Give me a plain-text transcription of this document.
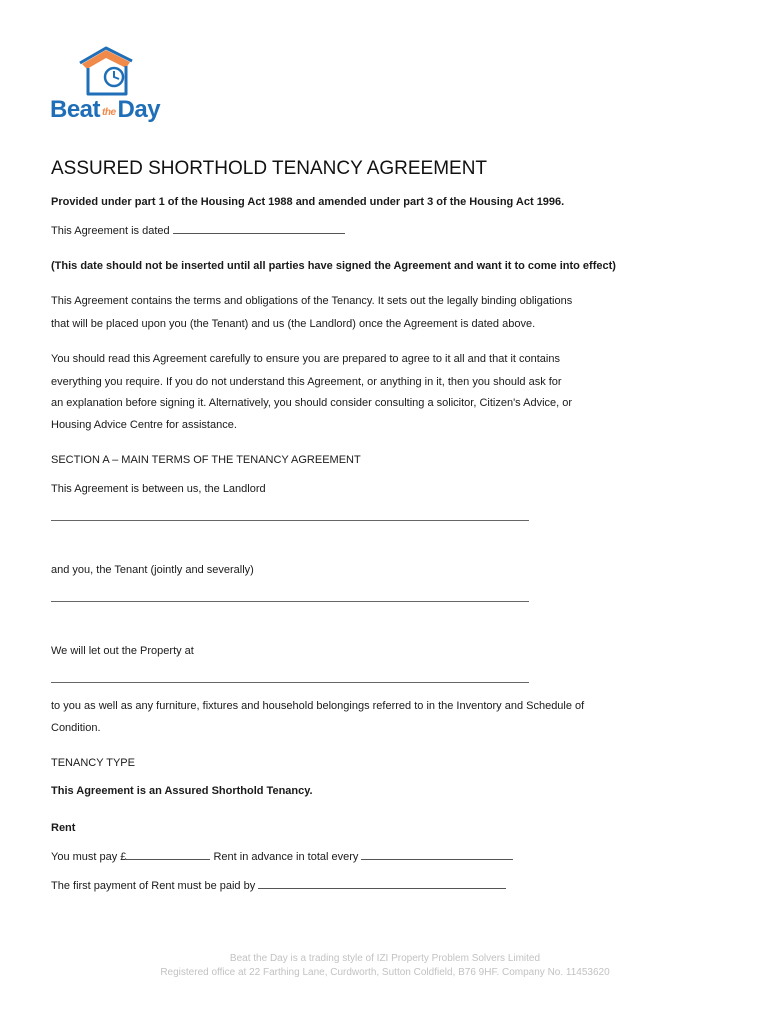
Beat theDay
ASSURED SHORTHOLD TENANCY AGREEMENT
Provided under part 1 of the Housing Act 1988 and amended under part 3 of the Housing Act 1996.
This Agreement is dated
(This date should not be inserted until all parties have signed the Agreement and want it to come into effect)
This Agreement contains the terms and obligations of the Tenancy. It sets out the legally binding obligations
that will be placed upon you (the Tenant) and us (the Landlord) once the Agreement is dated above.
You should read this Agreement carefully to ensure you are prepared to agree to it all and that it contains
everything you require. If you do not understand this Agreement, or anything in it, then you should ask for
an explanation before signing it. Alternatively, you should consider consulting a solicitor, Citizen's Advice, or
Housing Advice Centre for assistance.
SECTION A – MAIN TERMS OF THE TENANCY AGREEMENT
This Agreement is between us, the Landlord
and you, the Tenant (jointly and severally)
We will let out the Property at
to you as well as any furniture, fixtures and household belongings referred to in the Inventory and Schedule of
Condition.
TENANCY TYPE
This Agreement is an Assured Shorthold Tenancy.
Rent
You must pay £	Rent in advance in total every
The first payment of Rent must be paid by
Beat the Day is a trading style of IZI Property Problem Solvers Limited
Registered office at 22 Farthing Lane, Curdworth, Sutton Coldfield, B76 9HF. Company No. 11453620
